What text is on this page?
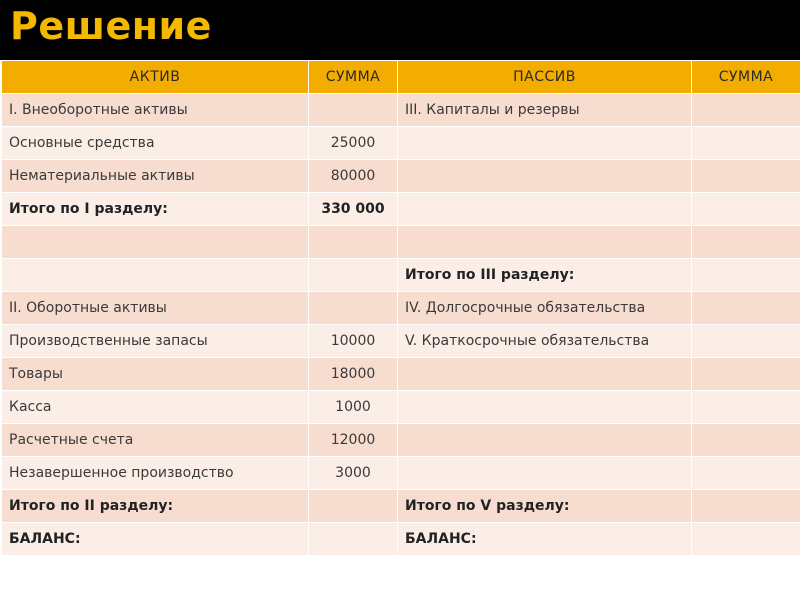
Решение
АКТИВ	СУММА	ПАССИВ	СУММА
I. Внеоборотные активы		III. Капиталы и резервы	
Основные средства	25000		
Нематериальные активы	80000		
Итого по I разделу:	330 000		

		Итого по III разделу:	
II. Оборотные активы		IV. Долгосрочные обязательства	
Производственные запасы	10000	V. Краткосрочные обязательства	
Товары	18000		
Касса	1000		
Расчетные счета	12000		
Незавершенное производство	3000		
Итого по II разделу:		Итого по V разделу:	
БАЛАНС:		БАЛАНС:	
